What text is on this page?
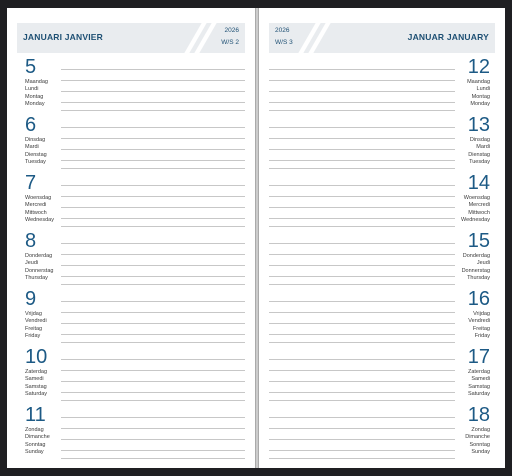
JANUARI JANVIER
2026
W/S 2
5
Maandag
Lundi
Montag
Monday
6
Dinsdag
Mardi
Dienstag
Tuesday
7
Woensdag
Mercredi
Mittwoch
Wednesday
8
Donderdag
Jeudi
Donnerstag
Thursday
9
Vrijdag
Vendredi
Freitag
Friday
10
Zaterdag
Samedi
Samstag
Saturday
11
Zondag
Dimanche
Sonntag
Sunday
2026
W/S 3
JANUAR JANUARY
12
Maandag
Lundi
Montag
Monday
13
Dinsdag
Mardi
Dienstag
Tuesday
14
Woensdag
Mercredi
Mittwoch
Wednesday
15
Donderdag
Jeudi
Donnerstag
Thursday
16
Vrijdag
Vendredi
Freitag
Friday
17
Zaterdag
Samedi
Samstag
Saturday
18
Zondag
Dimanche
Sonntag
Sunday
